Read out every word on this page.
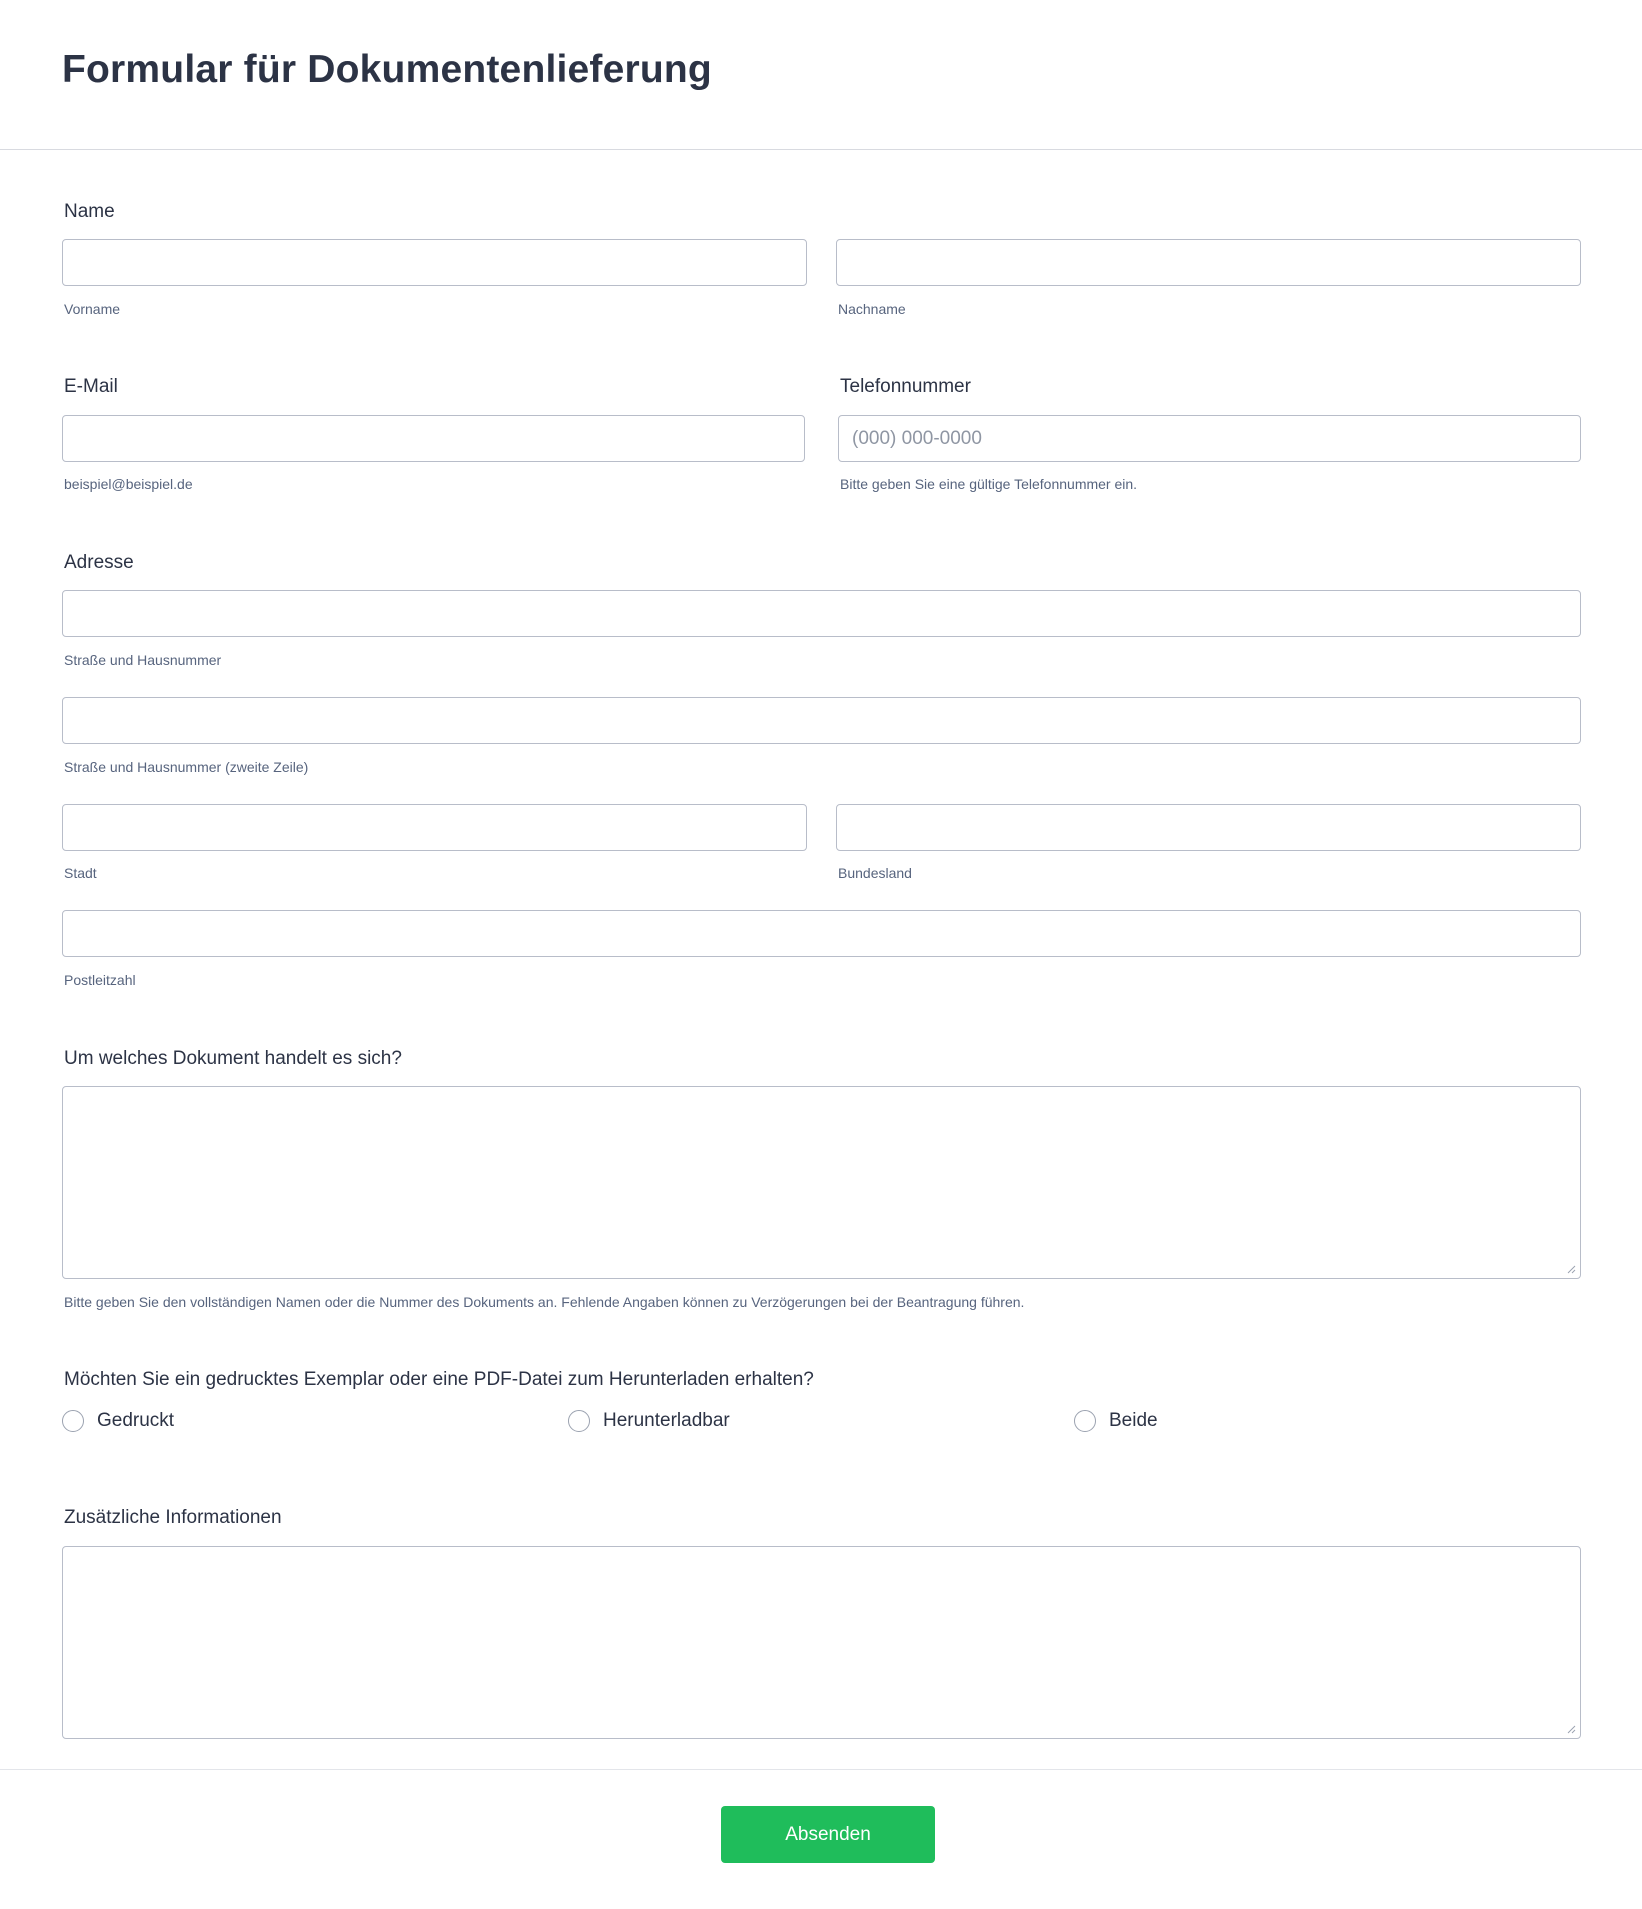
Formular für Dokumentenlieferung

Name

Vorname	Nachname

E-Mail

beispiel@beispiel.de

Telefonnummer

(000) 000-0000

Bitte geben Sie eine gültige Telefonnummer ein.

Adresse

Straße und Hausnummer

Straße und Hausnummer (zweite Zeile)

Stadt	Bundesland

Postleitzahl

Um welches Dokument handelt es sich?

Bitte geben Sie den vollständigen Namen oder die Nummer des Dokuments an. Fehlende Angaben können zu Verzögerungen bei der Beantragung führen.

Möchten Sie ein gedrucktes Exemplar oder eine PDF-Datei zum Herunterladen erhalten?

Gedruckt	Herunterladbar	Beide

Zusätzliche Informationen

Absenden
